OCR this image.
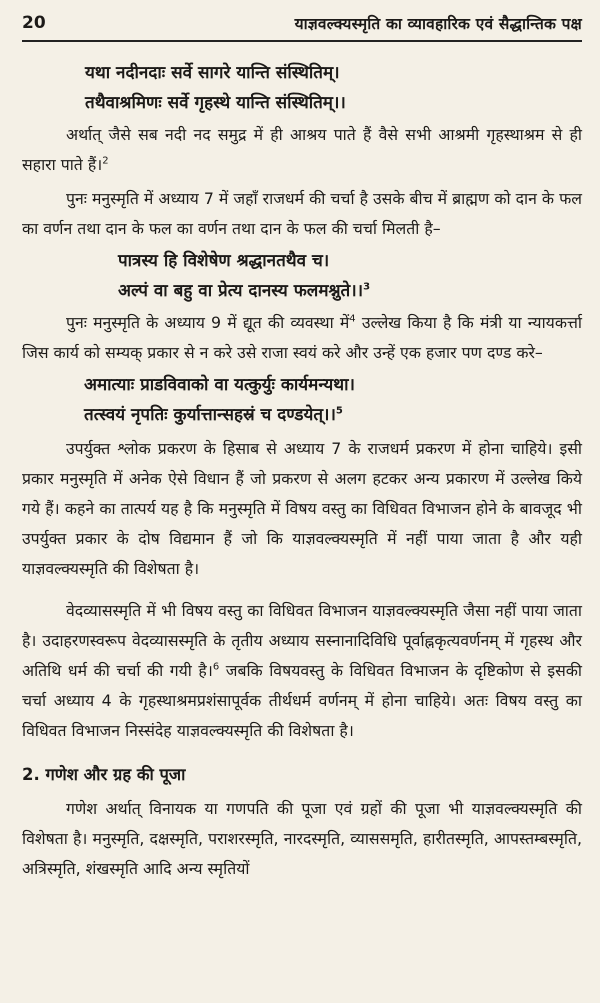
20	याज्ञवल्क्यस्मृति का व्यावहारिक एवं सैद्धान्तिक पक्ष
यथा नदीनदाः सर्वे सागरे यान्ति संस्थितिम्।
तथैवाश्रमिणः सर्वे गृहस्थे यान्ति संस्थितिम्।।

अर्थात् जैसे सब नदी नद समुद्र में ही आश्रय पाते हैं वैसे सभी आश्रमी गृहस्थाश्रम से ही सहारा पाते हैं।$^2$

पुनः मनुस्मृति में अध्याय 7 में जहाँ राजधर्म की चर्चा है उसके बीच में ब्राह्मण को दान के फल का वर्णन तथा दान के फल का वर्णन तथा दान के फल की चर्चा मिलती है–

पात्रस्य हि विशेषेण श्रद्धानतथैव च।
अल्पं वा बहु वा प्रेत्य दानस्य फलमश्नुते।।$^3$

पुनः मनुस्मृति के अध्याय 9 में द्यूत की व्यवस्था में$^4$ उल्लेख किया है कि मंत्री या न्यायकर्त्ता जिस कार्य को सम्यक् प्रकार से न करे उसे राजा स्वयं करे और उन्हें एक हजार पण दण्ड करे–

अमात्याः प्राडविवाको वा यत्कुर्युः कार्यमन्यथा।
तत्स्वयं नृपतिः कुर्यात्तान्सहस्रं च दण्डयेत्।।$^5$

उपर्युक्त श्लोक प्रकरण के हिसाब से अध्याय 7 के राजधर्म प्रकरण में होना चाहिये। इसी प्रकार मनुस्मृति में अनेक ऐसे विधान हैं जो प्रकरण से अलग हटकर अन्य प्रकारण में उल्लेख किये गये हैं। कहने का तात्पर्य यह है कि मनुस्मृति में विषय वस्तु का विधिवत विभाजन होने के बावजूद भी उपर्युक्त प्रकार के दोष विद्यमान हैं जो कि याज्ञवल्क्यस्मृति में नहीं पाया जाता है और यही याज्ञवल्क्यस्मृति की विशेषता है।

वेदव्यासस्मृति में भी विषय वस्तु का विधिवत विभाजन याज्ञवल्क्यस्मृति जैसा नहीं पाया जाता है। उदाहरणस्वरूप वेदव्यासस्मृति के तृतीय अध्याय सस्नानादिविधि पूर्वाह्नकृत्यवर्णनम् में गृहस्थ और अतिथि धर्म की चर्चा की गयी है।$^6$ जबकि विषयवस्तु के विधिवत विभाजन के दृष्टिकोण से इसकी चर्चा अध्याय 4 के गृहस्थाश्रमप्रशंसापूर्वक तीर्थधर्म वर्णनम् में होना चाहिये। अतः विषय वस्तु का विधिवत विभाजन निस्संदेह याज्ञवल्क्यस्मृति की विशेषता है।

2. गणेश और ग्रह की पूजा

गणेश अर्थात् विनायक या गणपति की पूजा एवं ग्रहों की पूजा भी याज्ञवल्क्यस्मृति की विशेषता है। मनुस्मृति, दक्षस्मृति, पराशरस्मृति, नारदस्मृति, व्याससमृति, हारीतस्मृति, आपस्तम्बस्मृति, अत्रिस्मृति, शंखस्मृति आदि अन्य स्मृतियों
